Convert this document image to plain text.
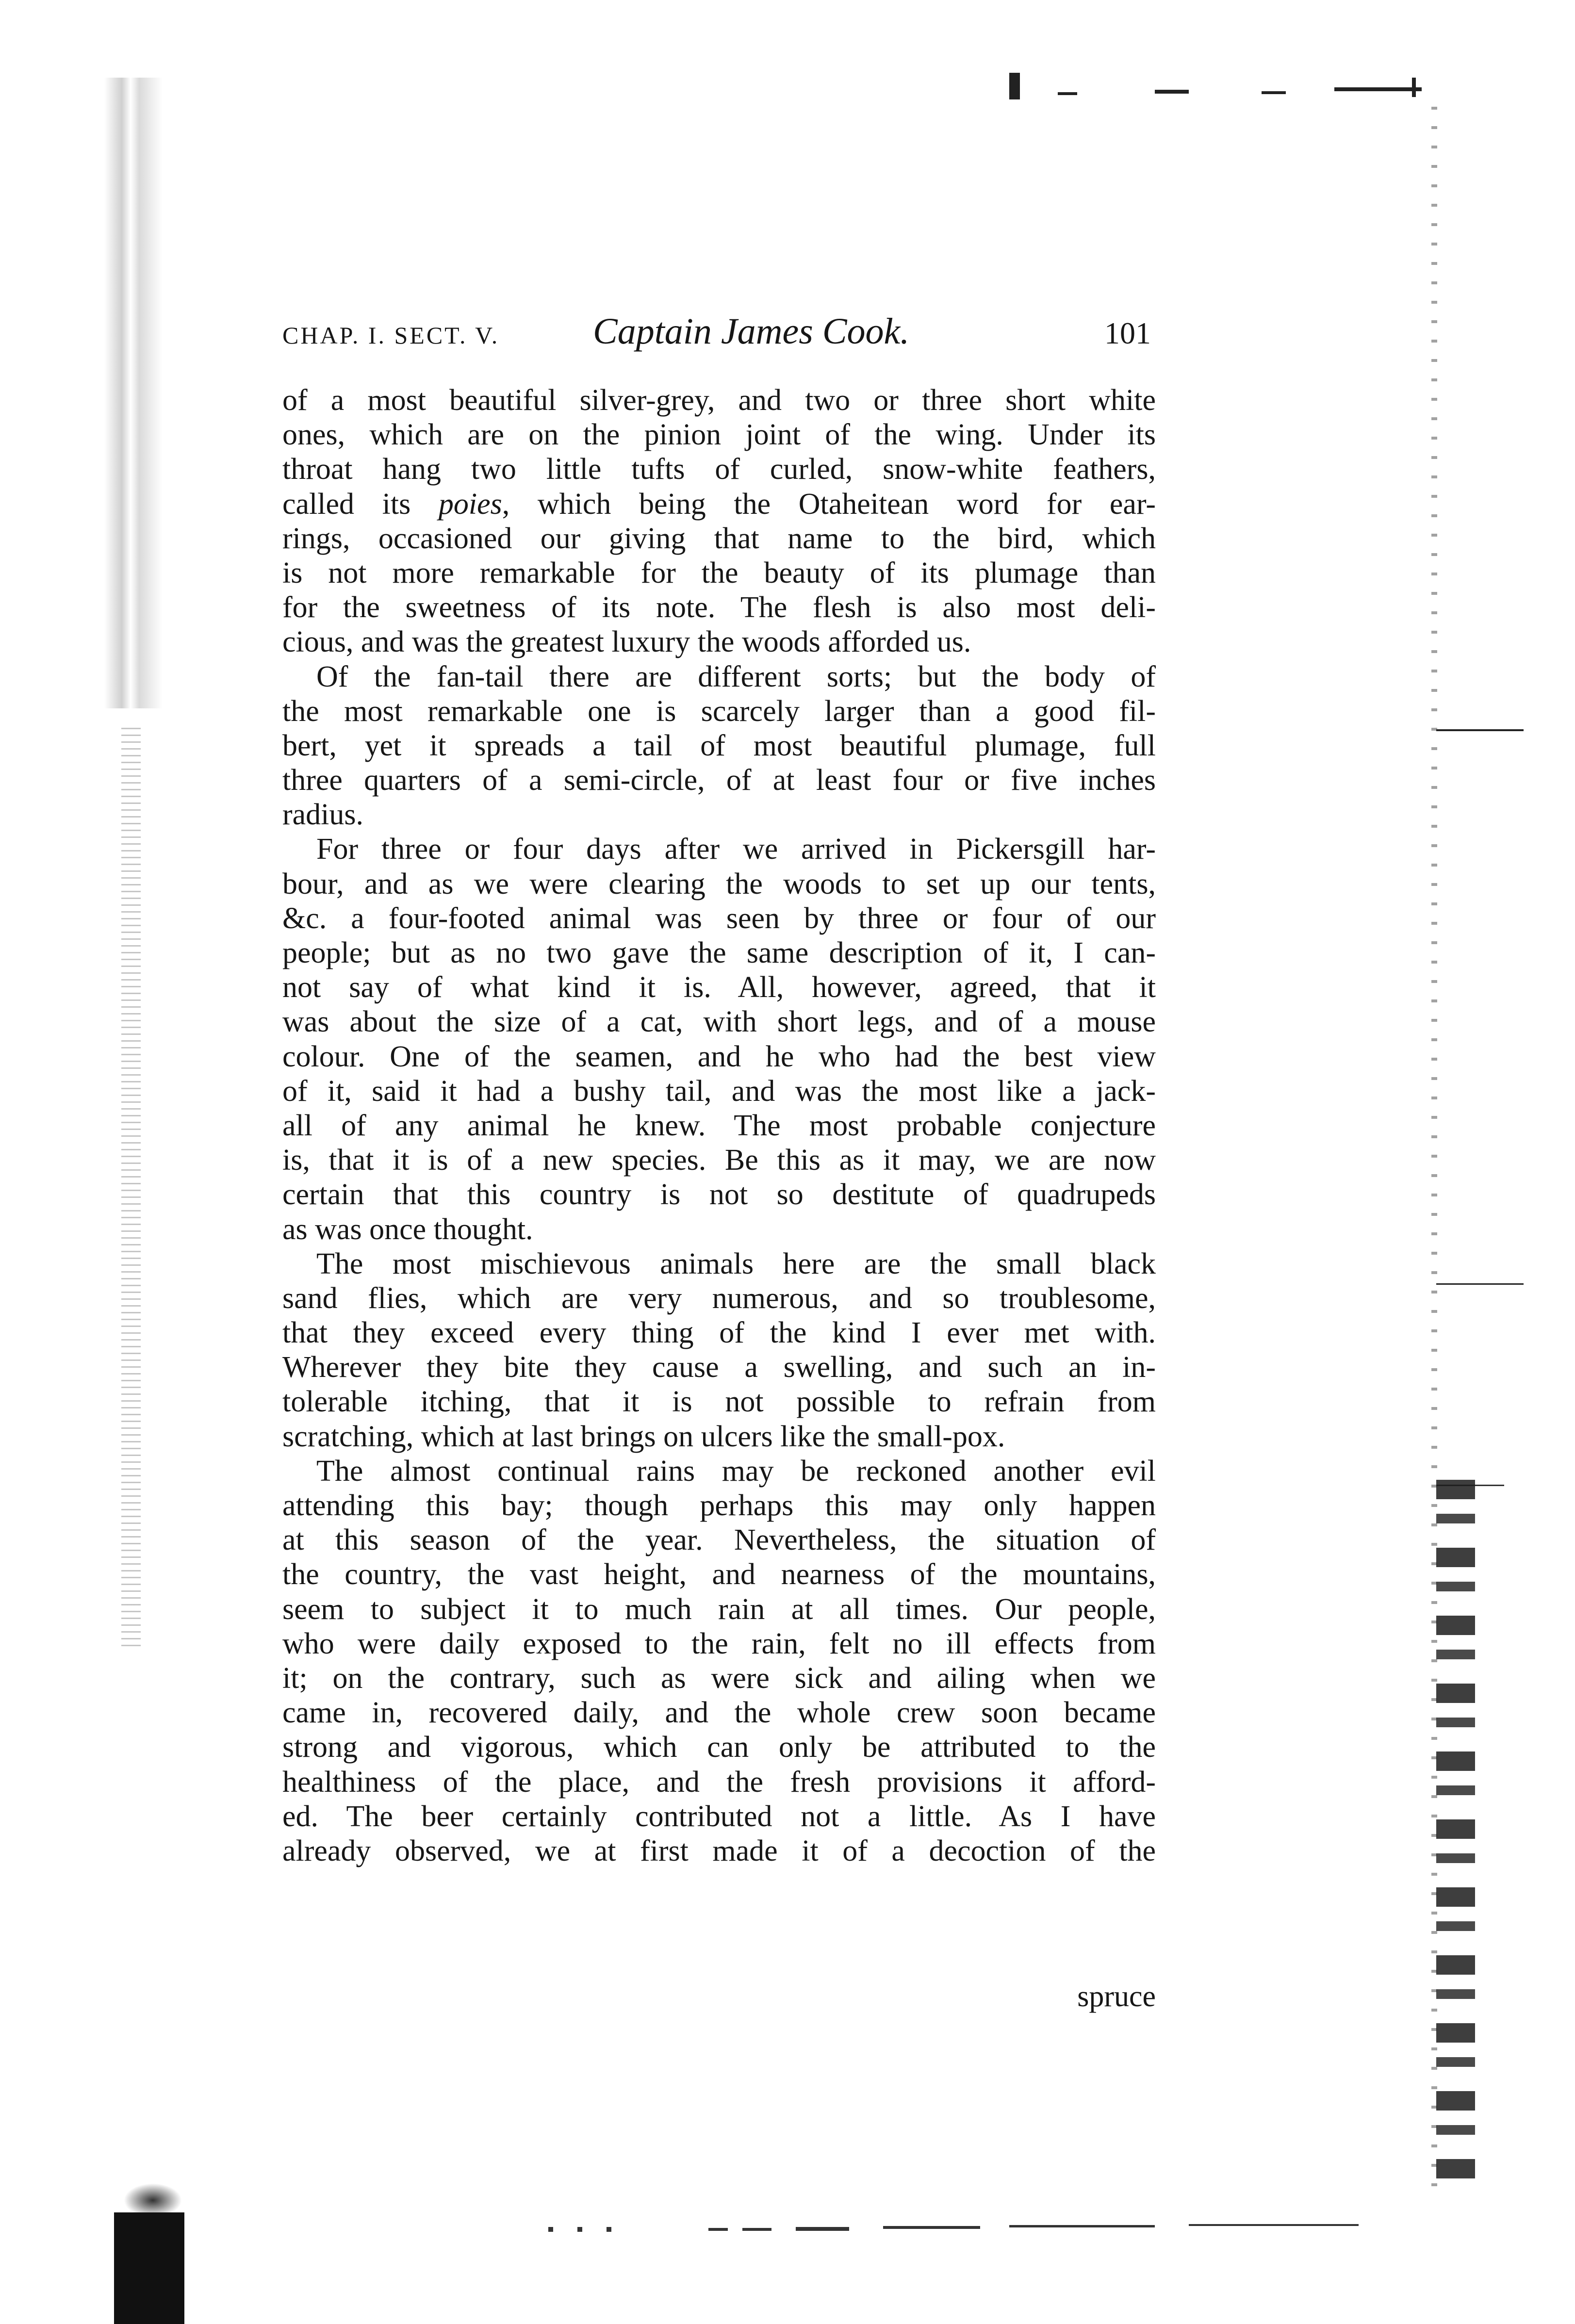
CHAP. I. SECT. V.	Captain James Cook.	101
of a most beautiful silver-grey, and two or three short white
ones, which are on the pinion joint of the wing. Under its
throat hang two little tufts of curled, snow-white feathers,
called its poies, which being the Otaheitean word for ear-
rings, occasioned our giving that name to the bird, which
is not more remarkable for the beauty of its plumage than
for the sweetness of its note. The flesh is also most deli-
cious, and was the greatest luxury the woods afforded us.
Of the fan-tail there are different sorts; but the body of
the most remarkable one is scarcely larger than a good fil-
bert, yet it spreads a tail of most beautiful plumage, full
three quarters of a semi-circle, of at least four or five inches
radius.
For three or four days after we arrived in Pickersgill har-
bour, and as we were clearing the woods to set up our tents,
&c. a four-footed animal was seen by three or four of our
people; but as no two gave the same description of it, I can-
not say of what kind it is. All, however, agreed, that it
was about the size of a cat, with short legs, and of a mouse
colour. One of the seamen, and he who had the best view
of it, said it had a bushy tail, and was the most like a jack-
all of any animal he knew. The most probable conjecture
is, that it is of a new species. Be this as it may, we are now
certain that this country is not so destitute of quadrupeds
as was once thought.
The most mischievous animals here are the small black
sand flies, which are very numerous, and so troublesome,
that they exceed every thing of the kind I ever met with.
Wherever they bite they cause a swelling, and such an in-
tolerable itching, that it is not possible to refrain from
scratching, which at last brings on ulcers like the small-pox.
The almost continual rains may be reckoned another evil
attending this bay; though perhaps this may only happen
at this season of the year. Nevertheless, the situation of
the country, the vast height, and nearness of the mountains,
seem to subject it to much rain at all times. Our people,
who were daily exposed to the rain, felt no ill effects from
it; on the contrary, such as were sick and ailing when we
came in, recovered daily, and the whole crew soon became
strong and vigorous, which can only be attributed to the
healthiness of the place, and the fresh provisions it afford-
ed. The beer certainly contributed not a little. As I have
already observed, we at first made it of a decoction of the
spruce
